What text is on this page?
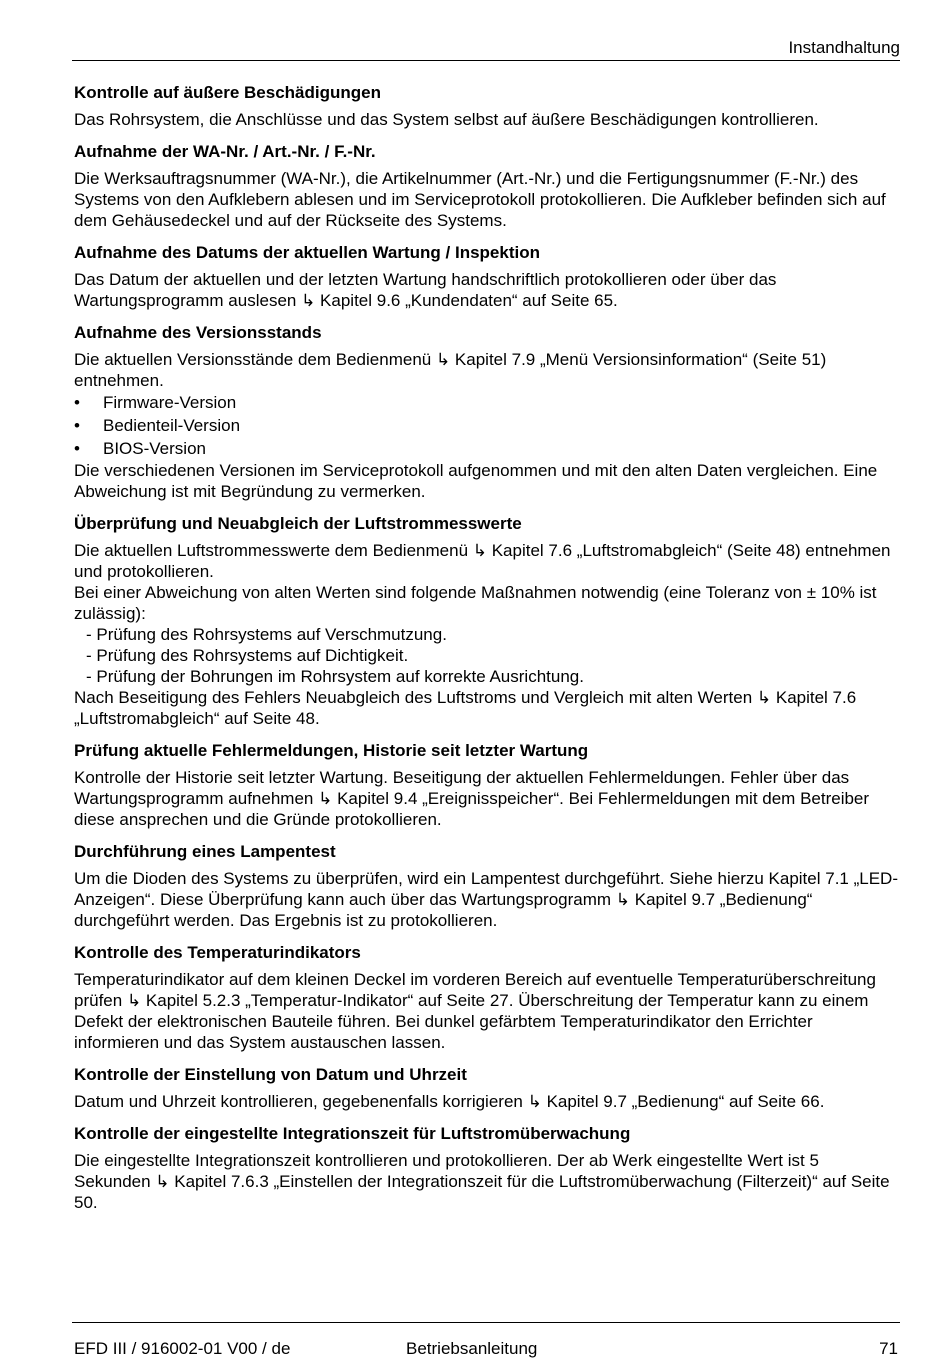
Instandhaltung
Kontrolle auf äußere Beschädigungen

Das Rohrsystem, die Anschlüsse und das System selbst auf äußere Beschädigungen kontrollieren.

Aufnahme der WA-Nr. / Art.-Nr. / F.-Nr.

Die Werksauftragsnummer (WA-Nr.), die Artikelnummer (Art.-Nr.) und die Fertigungsnummer (F.-Nr.) des Systems von den Aufklebern ablesen und im Serviceprotokoll protokollieren. Die Aufkleber befinden sich auf dem Gehäusedeckel und auf der Rückseite des Systems.

Aufnahme des Datums der aktuellen Wartung / Inspektion

Das Datum der aktuellen und der letzten Wartung handschriftlich protokollieren oder über das Wartungsprogramm auslesen ↳ Kapitel 9.6 „Kundendaten“ auf Seite 65.

Aufnahme des Versionsstands

Die aktuellen Versionsstände dem Bedienmenü ↳ Kapitel 7.9 „Menü Versionsinformation“ (Seite 51) entnehmen.

• Firmware-Version
• Bedienteil-Version
• BIOS-Version

Die verschiedenen Versionen im Serviceprotokoll aufgenommen und mit den alten Daten vergleichen. Eine Abweichung ist mit Begründung zu vermerken.

Überprüfung und Neuabgleich der Luftstrommesswerte

Die aktuellen Luftstrommesswerte dem Bedienmenü ↳ Kapitel 7.6 „Luftstromabgleich“ (Seite 48) entnehmen und protokollieren.

Bei einer Abweichung von alten Werten sind folgende Maßnahmen notwendig (eine Toleranz von ± 10% ist zulässig):

- Prüfung des Rohrsystems auf Verschmutzung.
- Prüfung des Rohrsystems auf Dichtigkeit.
- Prüfung der Bohrungen im Rohrsystem auf korrekte Ausrichtung.

Nach Beseitigung des Fehlers Neuabgleich des Luftstroms und Vergleich mit alten Werten ↳ Kapitel 7.6 „Luftstromabgleich“ auf Seite 48.

Prüfung aktuelle Fehlermeldungen, Historie seit letzter Wartung

Kontrolle der Historie seit letzter Wartung. Beseitigung der aktuellen Fehlermeldungen. Fehler über das Wartungsprogramm aufnehmen ↳ Kapitel 9.4 „Ereignisspeicher“. Bei Fehlermeldungen mit dem Betreiber diese ansprechen und die Gründe protokollieren.

Durchführung eines Lampentest

Um die Dioden des Systems zu überprüfen, wird ein Lampentest durchgeführt. Siehe hierzu Kapitel 7.1 „LED-Anzeigen“. Diese Überprüfung kann auch über das Wartungsprogramm ↳ Kapitel 9.7 „Bedienung“ durchgeführt werden. Das Ergebnis ist zu protokollieren.

Kontrolle des Temperaturindikators

Temperaturindikator auf dem kleinen Deckel im vorderen Bereich auf eventuelle Temperaturüberschreitung prüfen ↳ Kapitel 5.2.3 „Temperatur-Indikator“ auf Seite 27. Überschreitung der Temperatur kann zu einem Defekt der elektronischen Bauteile führen. Bei dunkel gefärbtem Temperaturindikator den Errichter informieren und das System austauschen lassen.

Kontrolle der Einstellung von Datum und Uhrzeit

Datum und Uhrzeit kontrollieren, gegebenenfalls korrigieren ↳ Kapitel 9.7 „Bedienung“ auf Seite 66.

Kontrolle der eingestellte Integrationszeit für Luftstromüberwachung

Die eingestellte Integrationszeit kontrollieren und protokollieren. Der ab Werk eingestellte Wert ist 5 Sekunden ↳ Kapitel 7.6.3 „Einstellen der Integrationszeit für die Luftstromüberwachung (Filterzeit)“ auf Seite 50.

EFD III / 916002-01 V00 / de	Betriebsanleitung	71
